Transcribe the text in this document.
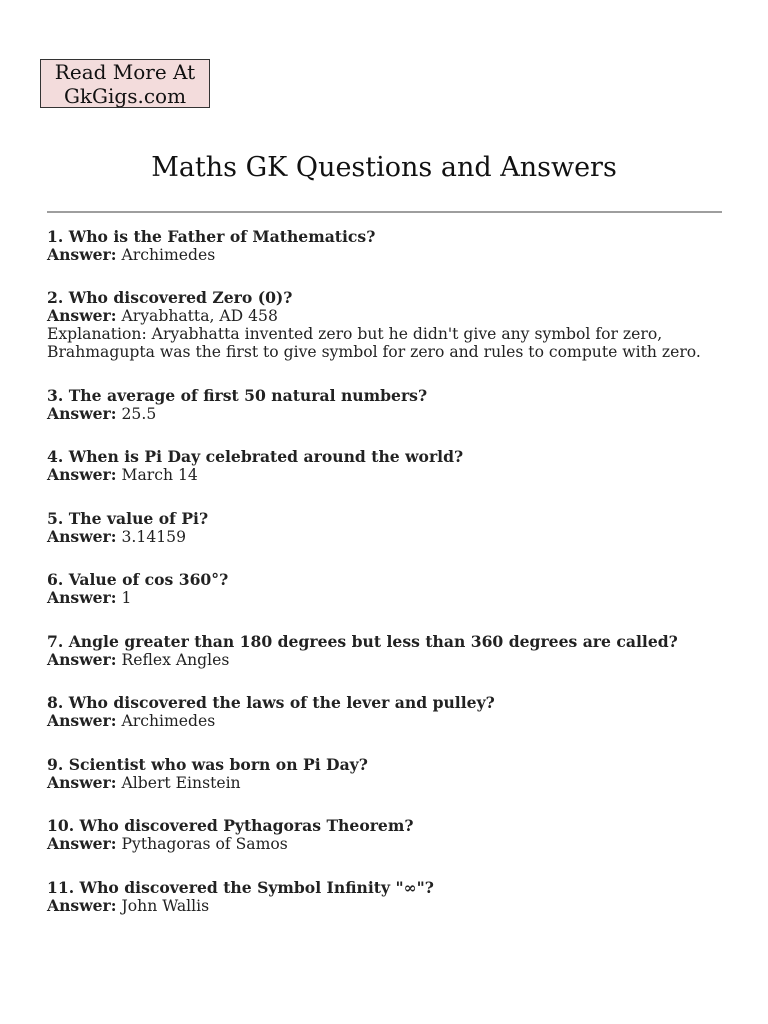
Read More At
GkGigs.com
Maths GK Questions and Answers
1. Who is the Father of Mathematics?
Answer: Archimedes
2. Who discovered Zero (0)?
Answer: Aryabhatta, AD 458
Explanation: Aryabhatta invented zero but he didn't give any symbol for zero,
Brahmagupta was the first to give symbol for zero and rules to compute with zero.
3. The average of first 50 natural numbers?
Answer: 25.5
4. When is Pi Day celebrated around the world?
Answer: March 14
5. The value of Pi?
Answer: 3.14159
6. Value of cos 360°?
Answer: 1
7. Angle greater than 180 degrees but less than 360 degrees are called?
Answer: Reflex Angles
8. Who discovered the laws of the lever and pulley?
Answer: Archimedes
9. Scientist who was born on Pi Day?
Answer: Albert Einstein
10. Who discovered Pythagoras Theorem?
Answer: Pythagoras of Samos
11. Who discovered the Symbol Infinity "∞"?
Answer: John Wallis
